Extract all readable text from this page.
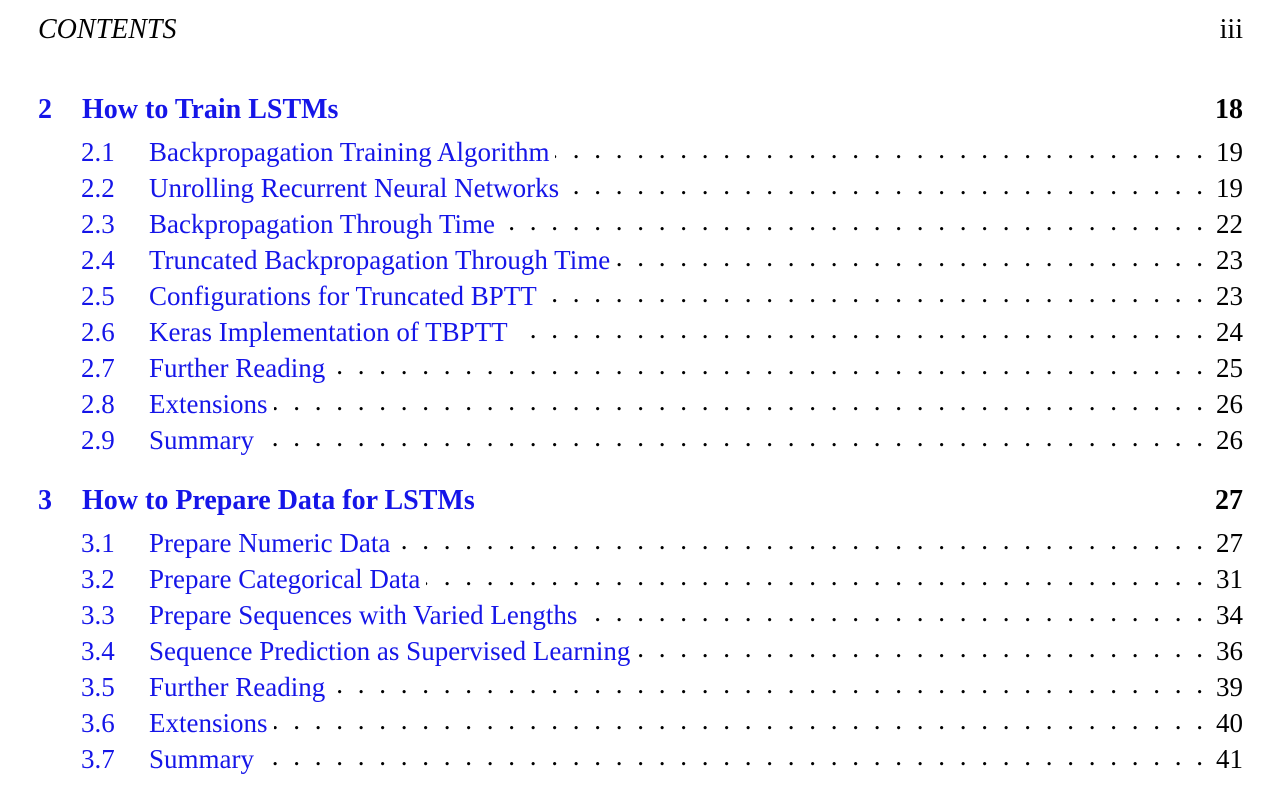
CONTENTS	iii
2	How to Train LSTMs	18
2.1	Backpropagation Training Algorithm . . .	19
2.2	Unrolling Recurrent Neural Networks . . .	19
2.3	Backpropagation Through Time . . .	22
2.4	Truncated Backpropagation Through Time . . .	23
2.5	Configurations for Truncated BPTT . . .	23
2.6	Keras Implementation of TBPTT . . .	24
2.7	Further Reading . . .	25
2.8	Extensions . . .	26
2.9	Summary . . .	26
3	How to Prepare Data for LSTMs	27
3.1	Prepare Numeric Data . . .	27
3.2	Prepare Categorical Data . . .	31
3.3	Prepare Sequences with Varied Lengths . . .	34
3.4	Sequence Prediction as Supervised Learning . . .	36
3.5	Further Reading . . .	39
3.6	Extensions . . .	40
3.7	Summary . . .	41
